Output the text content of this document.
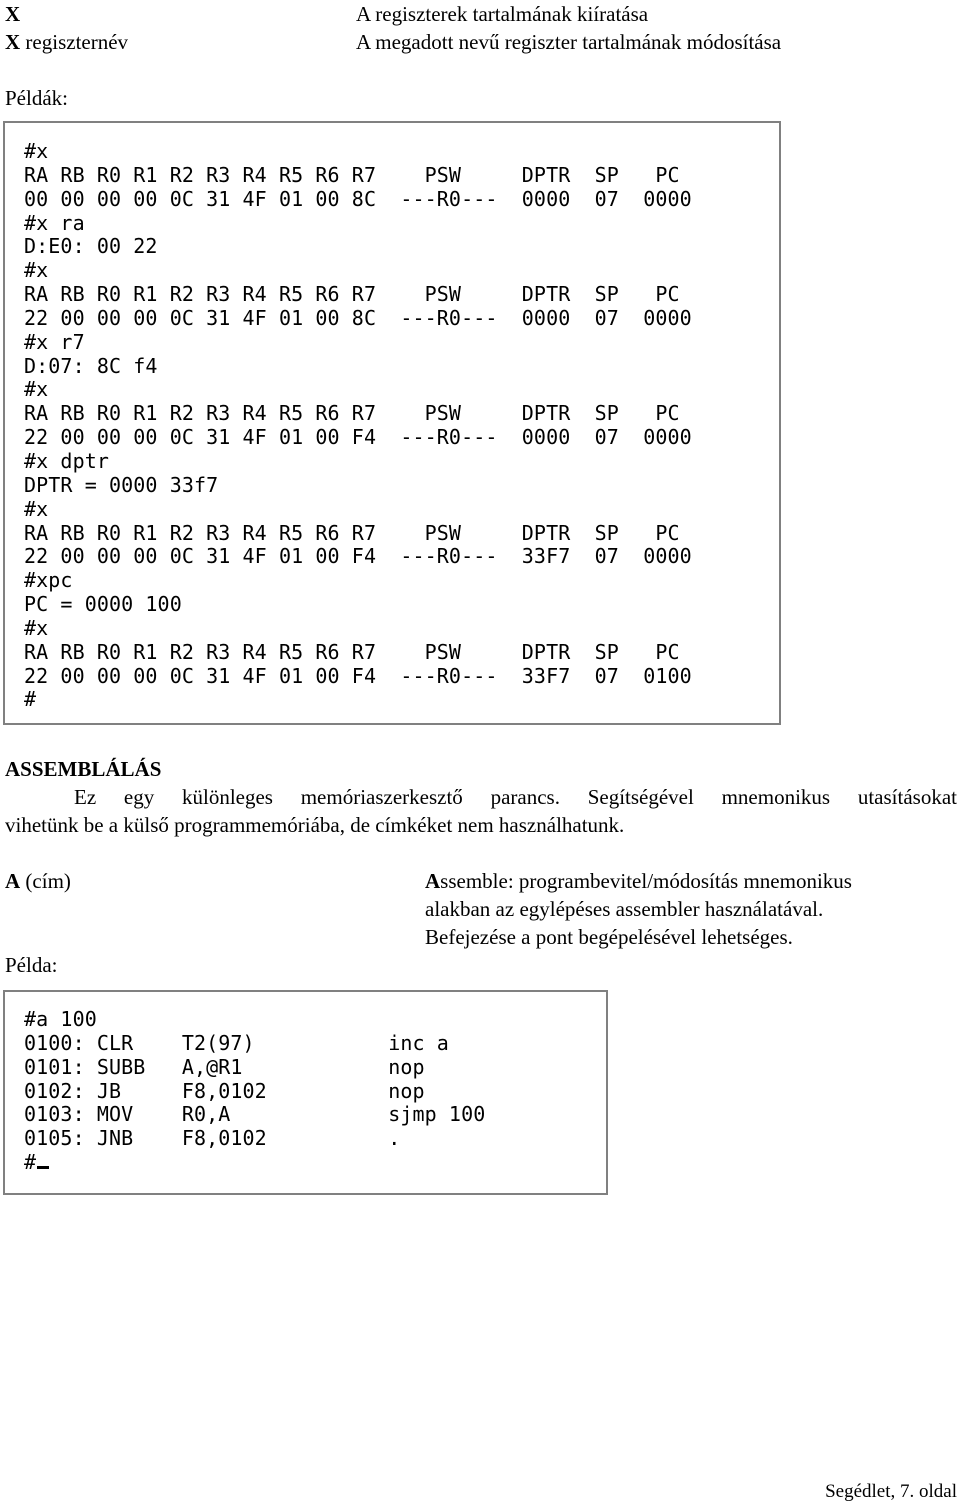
X	A regiszterek tartalmának kiíratása
X regiszternév	A megadott nevű regiszter tartalmának módosítása
Példák:
#x
RA RB R0 R1 R2 R3 R4 R5 R6 R7    PSW     DPTR  SP   PC
00 00 00 00 0C 31 4F 01 00 8C  ---R0---  0000  07  0000
#x ra
D:E0: 00 22
#x
RA RB R0 R1 R2 R3 R4 R5 R6 R7    PSW     DPTR  SP   PC
22 00 00 00 0C 31 4F 01 00 8C  ---R0---  0000  07  0000
#x r7
D:07: 8C f4
#x
RA RB R0 R1 R2 R3 R4 R5 R6 R7    PSW     DPTR  SP   PC
22 00 00 00 0C 31 4F 01 00 F4  ---R0---  0000  07  0000
#x dptr
DPTR = 0000 33f7
#x
RA RB R0 R1 R2 R3 R4 R5 R6 R7    PSW     DPTR  SP   PC
22 00 00 00 0C 31 4F 01 00 F4  ---R0---  33F7  07  0000
#xpc
PC = 0000 100
#x
RA RB R0 R1 R2 R3 R4 R5 R6 R7    PSW     DPTR  SP   PC
22 00 00 00 0C 31 4F 01 00 F4  ---R0---  33F7  07  0100
#
ASSEMBLÁLÁS
Ez egy különleges memóriaszerkesztő parancs. Segítségével mnemonikus utasításokat
vihetünk be a külső programmemóriába, de címkéket nem használhatunk.
A (cím)	Assemble: programbevitel/módosítás mnemonikus
alakban az egylépéses assembler használatával.
Befejezése a pont begépelésével lehetséges.
Példa:
#a 100
0100: CLR    T2(97)           inc a
0101: SUBB   A,@R1            nop
0102: JB     F8,0102          nop
0103: MOV    R0,A             sjmp 100
0105: JNB    F8,0102          .
#
Segédlet, 7. oldal
